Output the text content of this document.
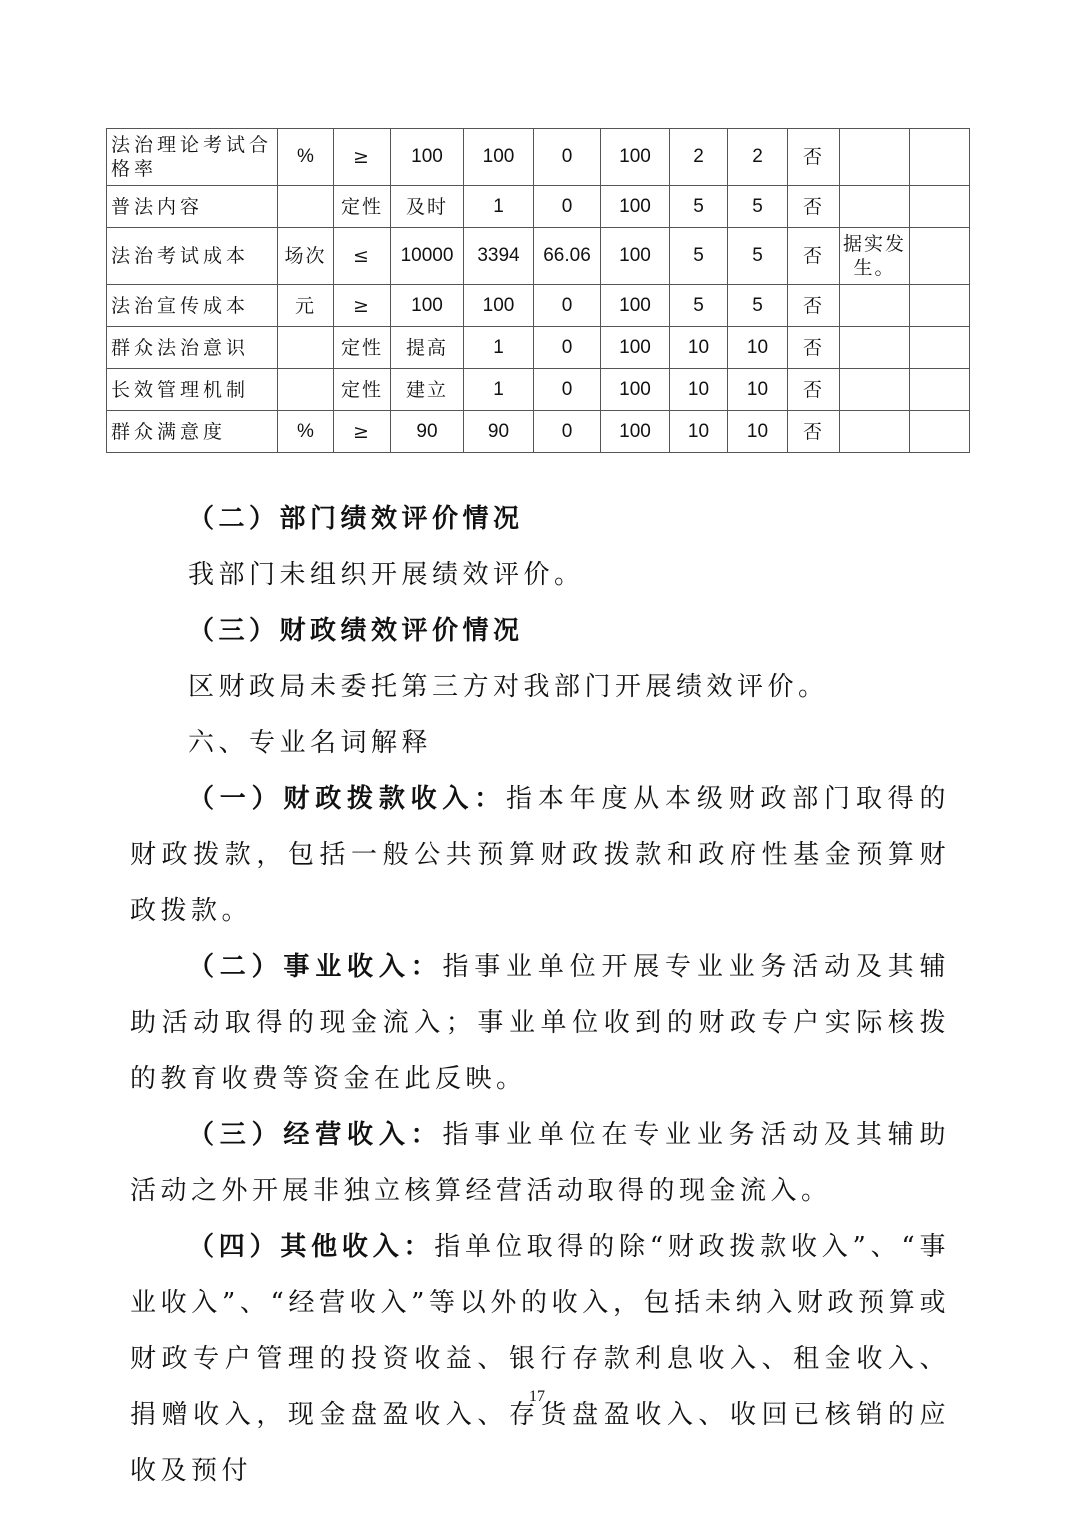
法治理论考试合格率	%	≥	100	100	0	100	2	2	否		
普法内容		定性	及时	1	0	100	5	5	否		
法治考试成本	场次	≤	10000	3394	66.06	100	5	5	否	据实发生。	
法治宣传成本	元	≥	100	100	0	100	5	5	否		
群众法治意识		定性	提高	1	0	100	10	10	否		
长效管理机制		定性	建立	1	0	100	10	10	否		
群众满意度	%	≥	90	90	0	100	10	10	否		

（二）部门绩效评价情况

我部门未组织开展绩效评价。

（三）财政绩效评价情况

区财政局未委托第三方对我部门开展绩效评价。

六、专业名词解释

（一）财政拨款收入：指本年度从本级财政部门取得的财政拨款，包括一般公共预算财政拨款和政府性基金预算财政拨款。

（二）事业收入：指事业单位开展专业业务活动及其辅助活动取得的现金流入；事业单位收到的财政专户实际核拨的教育收费等资金在此反映。

（三）经营收入：指事业单位在专业业务活动及其辅助活动之外开展非独立核算经营活动取得的现金流入。

（四）其他收入：指单位取得的除“财政拨款收入”、“事业收入”、“经营收入”等以外的收入，包括未纳入财政预算或财政专户管理的投资收益、银行存款利息收入、租金收入、捐赠收入，现金盘盈收入、存货盘盈收入、收回已核销的应收及预付

17
